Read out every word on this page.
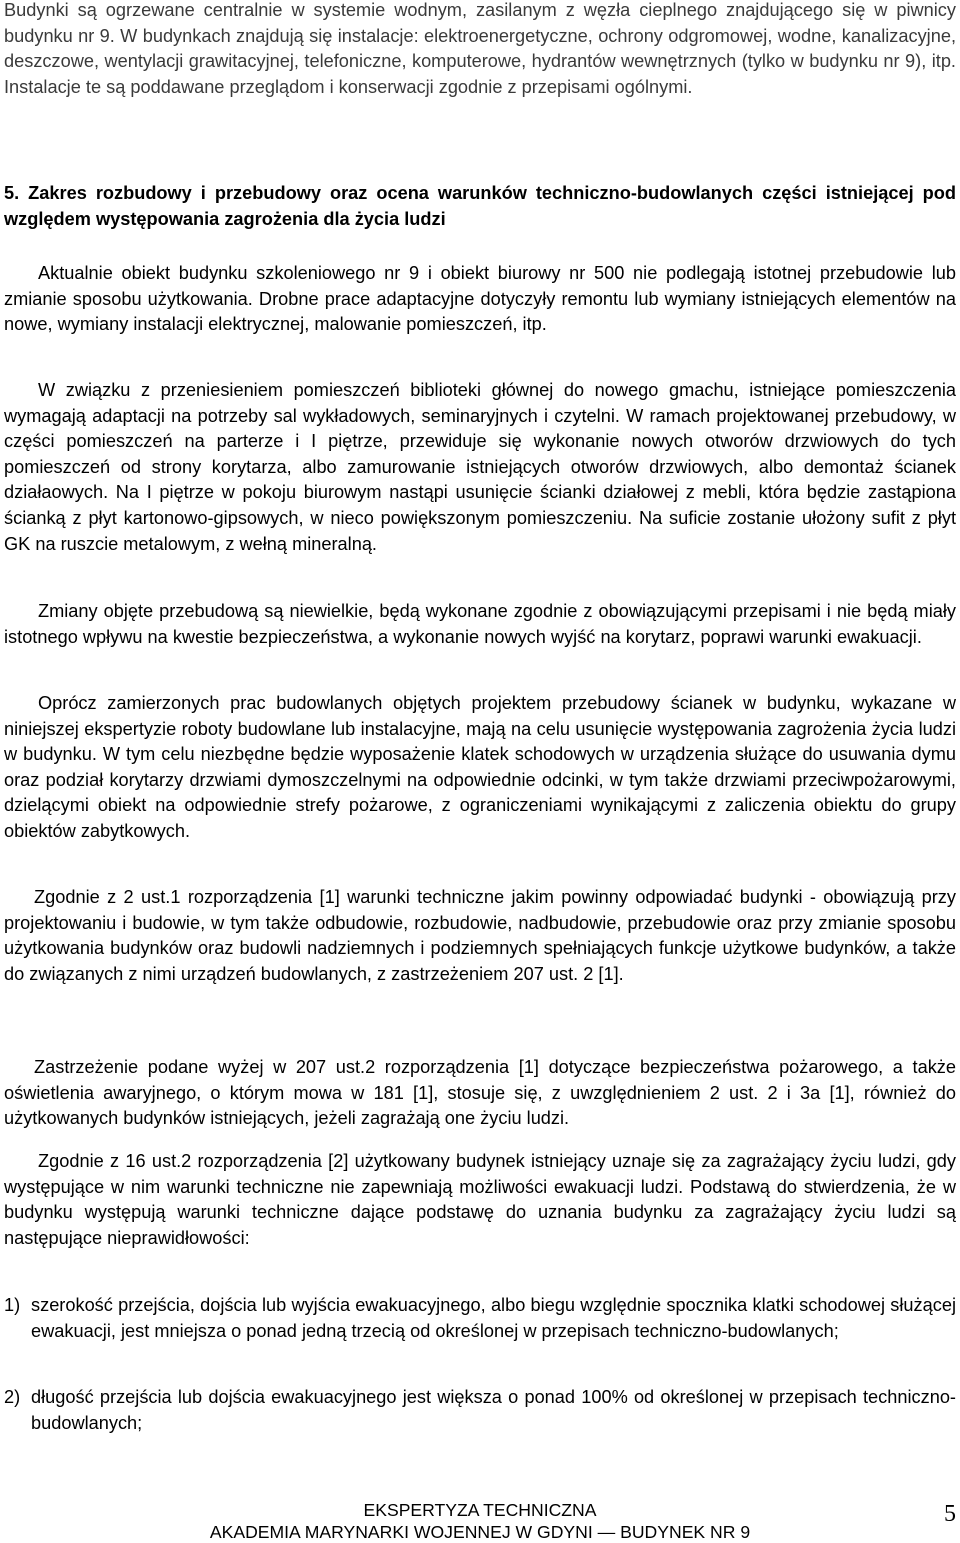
Budynki są ogrzewane centralnie w systemie wodnym, zasilanym z węzła cieplnego znajdującego się w piwnicy budynku nr 9. W budynkach znajdują się instalacje: elektroenergetyczne, ochrony odgromowej, wodne, kanalizacyjne, deszczowe, wentylacji grawitacyjnej, telefoniczne, komputerowe, hydrantów wewnętrznych (tylko w budynku nr 9), itp. Instalacje te są poddawane przeglądom i konserwacji zgodnie z przepisami ogólnymi.

5. Zakres rozbudowy i przebudowy oraz ocena warunków techniczno-budowlanych części istniejącej pod względem występowania zagrożenia dla życia ludzi

Aktualnie obiekt budynku szkoleniowego nr 9 i obiekt biurowy nr 500 nie podlegają istotnej przebudowie lub zmianie sposobu użytkowania. Drobne prace adaptacyjne dotyczyły remontu lub wymiany istniejących elementów na nowe, wymiany instalacji elektrycznej, malowanie pomieszczeń, itp.

W związku z przeniesieniem pomieszczeń biblioteki głównej do nowego gmachu, istniejące pomieszczenia wymagają adaptacji na potrzeby sal wykładowych, seminaryjnych i czytelni. W ramach projektowanej przebudowy, w części pomieszczeń na parterze i I piętrze, przewiduje się wykonanie nowych otworów drzwiowych do tych pomieszczeń od strony korytarza, albo zamurowanie istniejących otworów drzwiowych, albo demontaż ścianek działaowych. Na I piętrze w pokoju biurowym nastąpi usunięcie ścianki działowej z mebli, która będzie zastąpiona ścianką z płyt kartonowo-gipsowych, w nieco powiększonym pomieszczeniu. Na suficie zostanie ułożony sufit z płyt GK na ruszcie metalowym, z wełną mineralną.

Zmiany objęte przebudową są niewielkie, będą wykonane zgodnie z obowiązującymi przepisami i nie będą miały istotnego wpływu na kwestie bezpieczeństwa, a wykonanie nowych wyjść na korytarz, poprawi warunki ewakuacji.

Oprócz zamierzonych prac budowlanych objętych projektem przebudowy ścianek w budynku, wykazane w niniejszej ekspertyzie roboty budowlane lub instalacyjne, mają na celu usunięcie występowania zagrożenia życia ludzi w budynku. W tym celu niezbędne będzie wyposażenie klatek schodowych w urządzenia służące do usuwania dymu oraz podział korytarzy drzwiami dymoszczelnymi na odpowiednie odcinki, w tym także drzwiami przeciwpożarowymi, dzielącymi obiekt na odpowiednie strefy pożarowe, z ograniczeniami wynikającymi z zaliczenia obiektu do grupy obiektów zabytkowych.

Zgodnie z 2 ust.1 rozporządzenia [1] warunki techniczne jakim powinny odpowiadać budynki - obowiązują przy projektowaniu i budowie, w tym także odbudowie, rozbudowie, nadbudowie, przebudowie oraz przy zmianie sposobu użytkowania budynków oraz budowli nadziemnych i podziemnych spełniających funkcje użytkowe budynków, a także do związanych z nimi urządzeń budowlanych, z zastrzeżeniem 207 ust. 2 [1].

Zastrzeżenie podane wyżej w 207 ust.2 rozporządzenia [1] dotyczące bezpieczeństwa pożarowego, a także oświetlenia awaryjnego, o którym mowa w 181 [1], stosuje się, z uwzględnieniem 2 ust. 2 i 3a [1], również do użytkowanych budynków istniejących, jeżeli zagrażają one życiu ludzi.

Zgodnie z 16 ust.2 rozporządzenia [2] użytkowany budynek istniejący uznaje się za zagrażający życiu ludzi, gdy występujące w nim warunki techniczne nie zapewniają możliwości ewakuacji ludzi. Podstawą do stwierdzenia, że w budynku występują warunki techniczne dające podstawę do uznania budynku za zagrażający życiu ludzi są następujące nieprawidłowości:

1) szerokość przejścia, dojścia lub wyjścia ewakuacyjnego, albo biegu względnie spocznika klatki schodowej służącej ewakuacji, jest mniejsza o ponad jedną trzecią od określonej w przepisach techniczno-budowlanych;
2) długość przejścia lub dojścia ewakuacyjnego jest większa o ponad 100% od określonej w przepisach techniczno-budowlanych;
EKSPERTYZA TECHNICZNA
AKADEMIA MARYNARKI WOJENNEJ W GDYNI — BUDYNEK NR 9
5
